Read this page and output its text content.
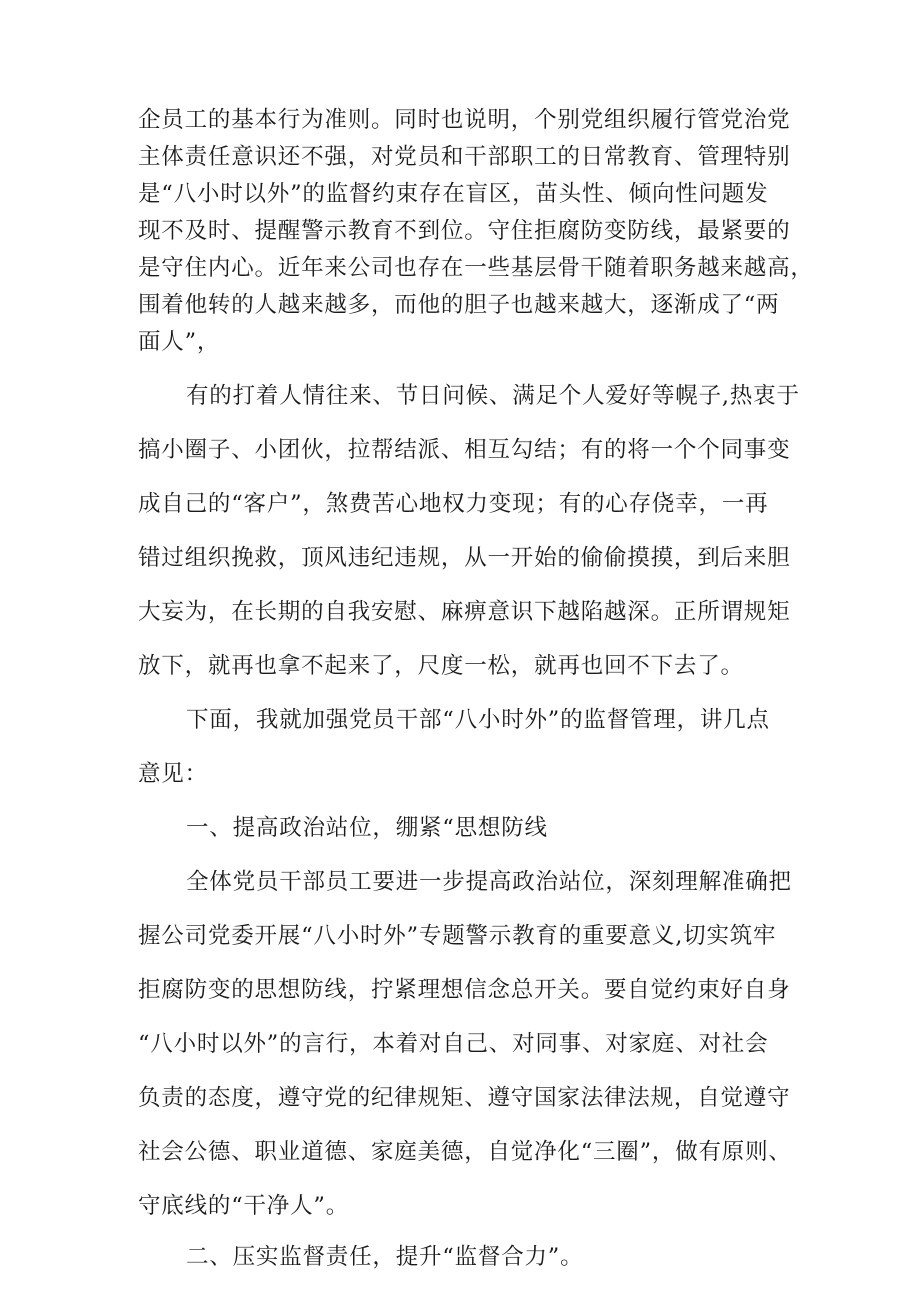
企员工的基本行为准则。同时也说明，个别党组织履行管党治党
主体责任意识还不强，对党员和干部职工的日常教育、管理特别
是“八小时以外”的监督约束存在盲区，苗头性、倾向性问题发
现不及时、提醒警示教育不到位。守住拒腐防变防线，最紧要的
是守住内心。近年来公司也存在一些基层骨干随着职务越来越高，
围着他转的人越来越多，而他的胆子也越来越大，逐渐成了“两
面人”，
有的打着人情往来、节日问候、满足个人爱好等幌子,热衷于
搞小圈子、小团伙，拉帮结派、相互勾结；有的将一个个同事变
成自己的“客户”，煞费苦心地权力变现；有的心存侥幸，一再
错过组织挽救，顶风违纪违规，从一开始的偷偷摸摸，到后来胆
大妄为，在长期的自我安慰、麻痹意识下越陷越深。正所谓规矩
放下，就再也拿不起来了，尺度一松，就再也回不下去了。
下面，我就加强党员干部“八小时外”的监督管理，讲几点
意见：
一、提高政治站位，绷紧“思想防线
全体党员干部员工要进一步提高政治站位，深刻理解准确把
握公司党委开展“八小时外”专题警示教育的重要意义,切实筑牢
拒腐防变的思想防线，拧紧理想信念总开关。要自觉约束好自身
“八小时以外”的言行，本着对自己、对同事、对家庭、对社会
负责的态度，遵守党的纪律规矩、遵守国家法律法规，自觉遵守
社会公德、职业道德、家庭美德，自觉净化“三圈”，做有原则、
守底线的“干净人”。
二、压实监督责任，提升“监督合力”。
